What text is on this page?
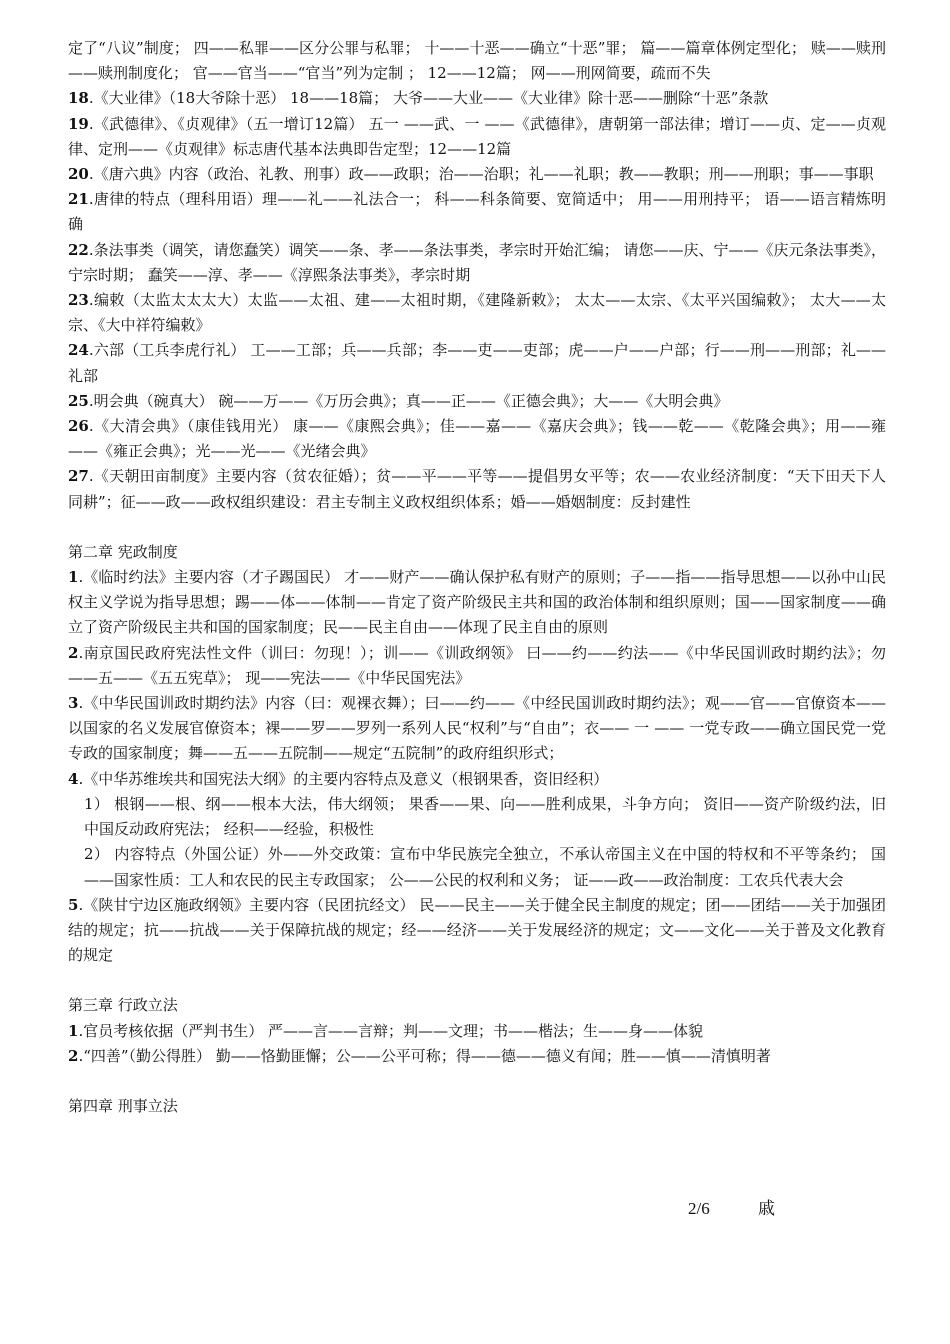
定了“八议”制度； 四——私罪——区分公罪与私罪； 十——十恶——确立“十恶”罪； 篇——篇章体例定型化； 赎——赎刑——赎刑制度化； 官——官当——“官当”列为定制 ； 12——12篇； 网——刑网简要，疏而不失

18.《大业律》（18大爷除十恶） 18——18篇； 大爷——大业——《大业律》除十恶——删除“十恶”条款

19.《武德律》、《贞观律》（五一增订12篇） 五一 ——武、一 ——《武德律》，唐朝第一部法律；增订——贞、定——贞观律、定刑——《贞观律》标志唐代基本法典即告定型；12——12篇

20.《唐六典》内容（政治、礼教、刑事）政——政职；治——治职；礼——礼职；教——教职；刑——刑职；事——事职

21.唐律的特点（理科用语）理——礼——礼法合一； 科——科条简要、宽简适中； 用——用刑持平； 语——语言精炼明确

22.条法事类（调笑，请您蠢笑）调笑——条、孝——条法事类，孝宗时开始汇编； 请您——庆、宁——《庆元条法事类》，宁宗时期； 蠢笑——淳、孝——《淳熙条法事类》，孝宗时期

23.编敕（太监太太太大）太监——太祖、建——太祖时期，《建隆新敕》； 太太——太宗、《太平兴国编敕》； 太大——太宗、《大中祥符编敕》

24.六部（工兵李虎行礼） 工——工部；兵——兵部；李——吏——吏部；虎——户——户部；行——刑——刑部；礼——礼部

25.明会典（碗真大） 碗——万——《万历会典》；真——正——《正德会典》；大——《大明会典》

26.《大清会典》（康佳钱用光） 康——《康熙会典》；佳——嘉——《嘉庆会典》；钱——乾——《乾隆会典》；用——雍——《雍正会典》；光——光——《光绪会典》

27.《天朝田亩制度》主要内容（贫农征婚）；贫——平——平等——提倡男女平等；农——农业经济制度：“天下田天下人同耕”；征——政——政权组织建设：君主专制主义政权组织体系；婚——婚姻制度：反封建性

第二章 宪政制度

1.《临时约法》主要内容（才子踢国民） 才——财产——确认保护私有财产的原则；子——指——指导思想——以孙中山民权主义学说为指导思想；踢——体——体制——肯定了资产阶级民主共和国的政治体制和组织原则；国——国家制度——确立了资产阶级民主共和国的国家制度；民——民主自由——体现了民主自由的原则

2.南京国民政府宪法性文件（训曰：勿现！）；训——《训政纲领》 曰——约——约法——《中华民国训政时期约法》；勿——五——《五五宪草》； 现——宪法——《中华民国宪法》

3.《中华民国训政时期约法》内容（曰：观裸衣舞）；曰——约——《中经民国训政时期约法》；观——官——官僚资本——以国家的名义发展官僚资本；裸——罗——罗列一系列人民“权利”与“自由”；衣—— 一 —— 一党专政——确立国民党一党专政的国家制度；舞——五——五院制——规定“五院制”的政府组织形式；

4.《中华苏维埃共和国宪法大纲》的主要内容特点及意义（根钢果香，资旧经积）

1） 根钢——根、纲——根本大法，伟大纲领； 果香——果、向——胜利成果，斗争方向； 资旧——资产阶级约法，旧中国反动政府宪法； 经积——经验，积极性

2） 内容特点（外国公证）外——外交政策：宣布中华民族完全独立，不承认帝国主义在中国的特权和不平等条约； 国——国家性质：工人和农民的民主专政国家； 公——公民的权利和义务； 证——政——政治制度：工农兵代表大会

5.《陕甘宁边区施政纲领》主要内容（民团抗经文） 民——民主——关于健全民主制度的规定；团——团结——关于加强团结的规定；抗——抗战——关于保障抗战的规定；经——经济——关于发展经济的规定；文——文化——关于普及文化教育的规定

第三章 行政立法

1.官员考核依据（严判书生） 严——言——言辩；判——文理；书——楷法；生——身——体貌

2.“四善”（勤公得胜） 勤——恪勤匪懈；公——公平可称；得——德——德义有闻；胜——慎——清慎明著

第四章 刑事立法

2/6	戚
